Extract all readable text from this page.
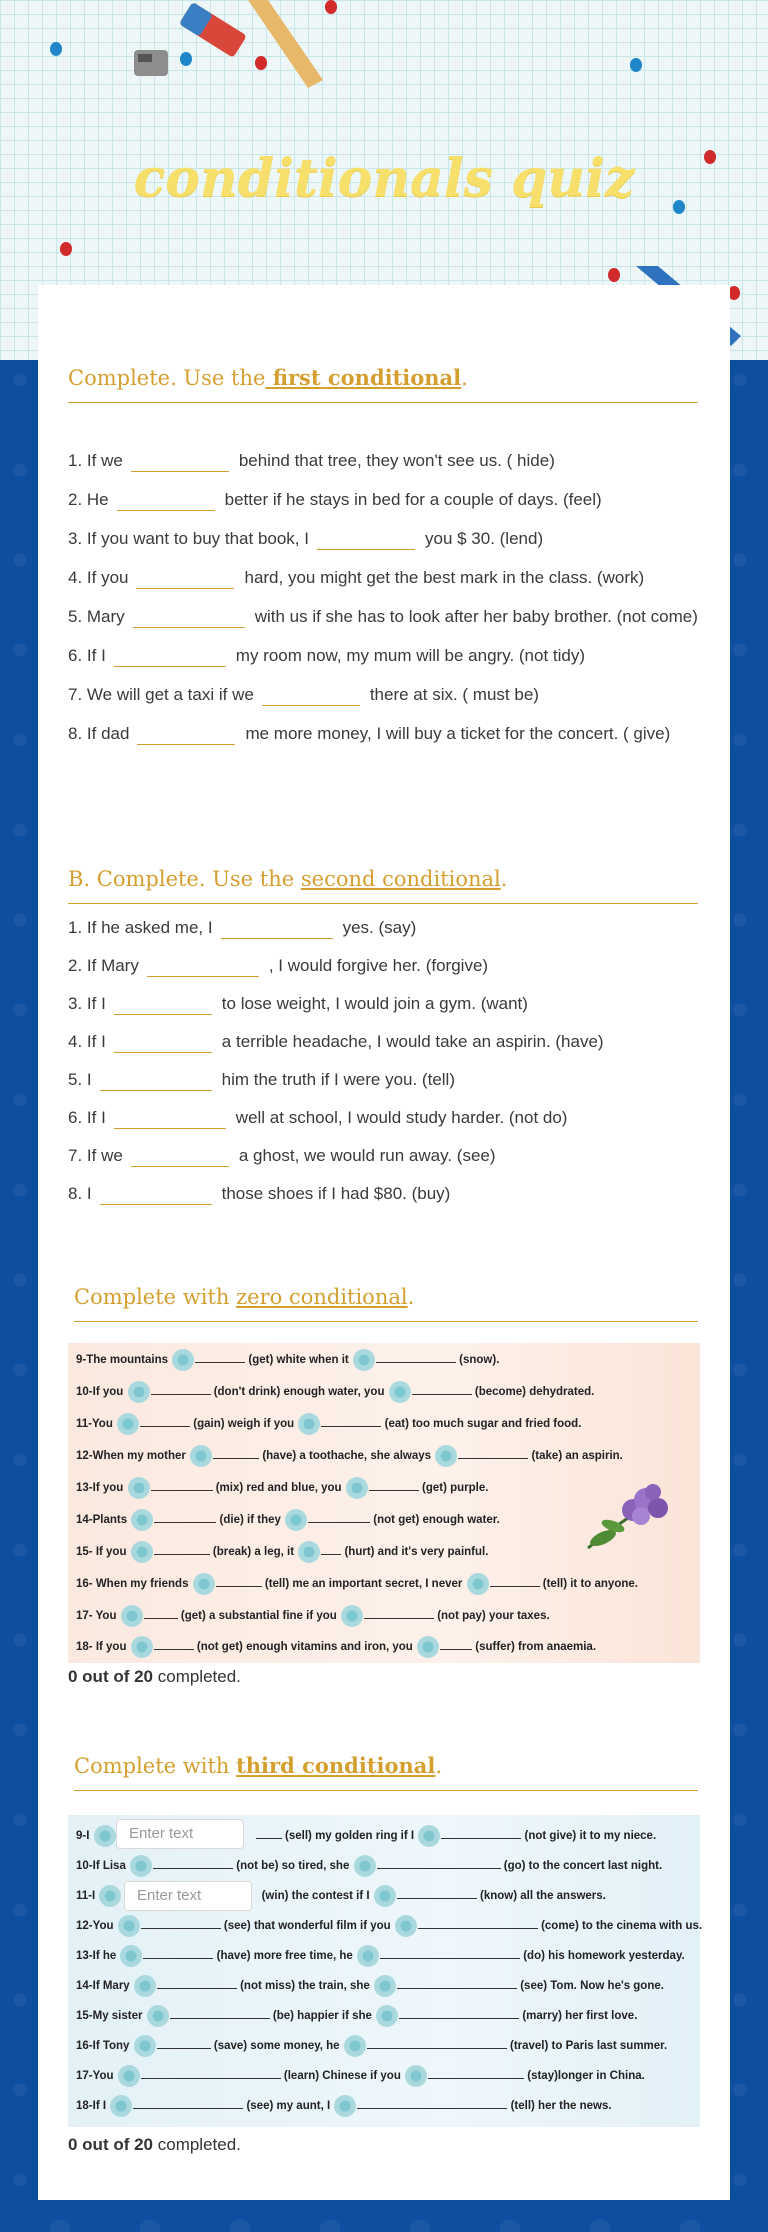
conditionals quiz
Complete. Use the first conditional.
1. If we	behind that tree, they won't see us. ( hide)
2. He	better if he stays in bed for a couple of days. (feel)
3. If you want to buy that book, I	you $ 30. (lend)
4. If you	hard, you might get the best mark in the class. (work)
5. Mary	with us if she has to look after her baby brother. (not come)
6. If I	my room now, my mum will be angry. (not tidy)
7. We will get a taxi if we	there at six. ( must be)
8. If dad	me more money, I will buy a ticket for the concert. ( give)
B. Complete. Use the second conditional.
1. If he asked me, I	yes. (say)
2. If Mary	, I would forgive her. (forgive)
3. If I	to lose weight, I would join a gym. (want)
4. If I	a terrible headache, I would take an aspirin. (have)
5. I	him the truth if I were you. (tell)
6. If I	well at school, I would study harder. (not do)
7. If we	a ghost, we would run away. (see)
8. I	those shoes if I had $80. (buy)
Complete with zero conditional.
9-The mountains	(get) white when it	(snow).
10-If you	(don't drink) enough water, you	(become) dehydrated.
11-You	(gain) weigh if you	(eat) too much sugar and fried food.
12-When my mother	(have) a toothache, she always	(take) an aspirin.
13-If you	(mix) red and blue, you	(get) purple.
14-Plants	(die) if they	(not get) enough water.
15- If you	(break) a leg, it	(hurt) and it's very painful.
16- When my friends	(tell) me an important secret, I never	(tell) it to anyone.
17- You	(get) a substantial fine if you	(not pay) your taxes.
18- If you	(not get) enough vitamins and iron, you	(suffer) from anaemia.
0 out of 20 completed.
Complete with third conditional.
9-I	(sell) my golden ring if I	(not give) it to my niece.
10-If Lisa	(not be) so tired, she	(go) to the concert last night.
11-I	(win) the contest if I	(know) all the answers.
12-You	(see) that wonderful film if you	(come) to the cinema with us.
13-If he	(have) more free time, he	(do) his homework yesterday.
14-If Mary	(not miss) the train, she	(see) Tom. Now he's gone.
15-My sister	(be) happier if she	(marry) her first love.
16-If Tony	(save) some money, he	(travel) to Paris last summer.
17-You	(learn) Chinese if you	(stay)longer in China.
18-If I	(see) my aunt, I	(tell) her the news.
Enter text
Enter text
0 out of 20 completed.
